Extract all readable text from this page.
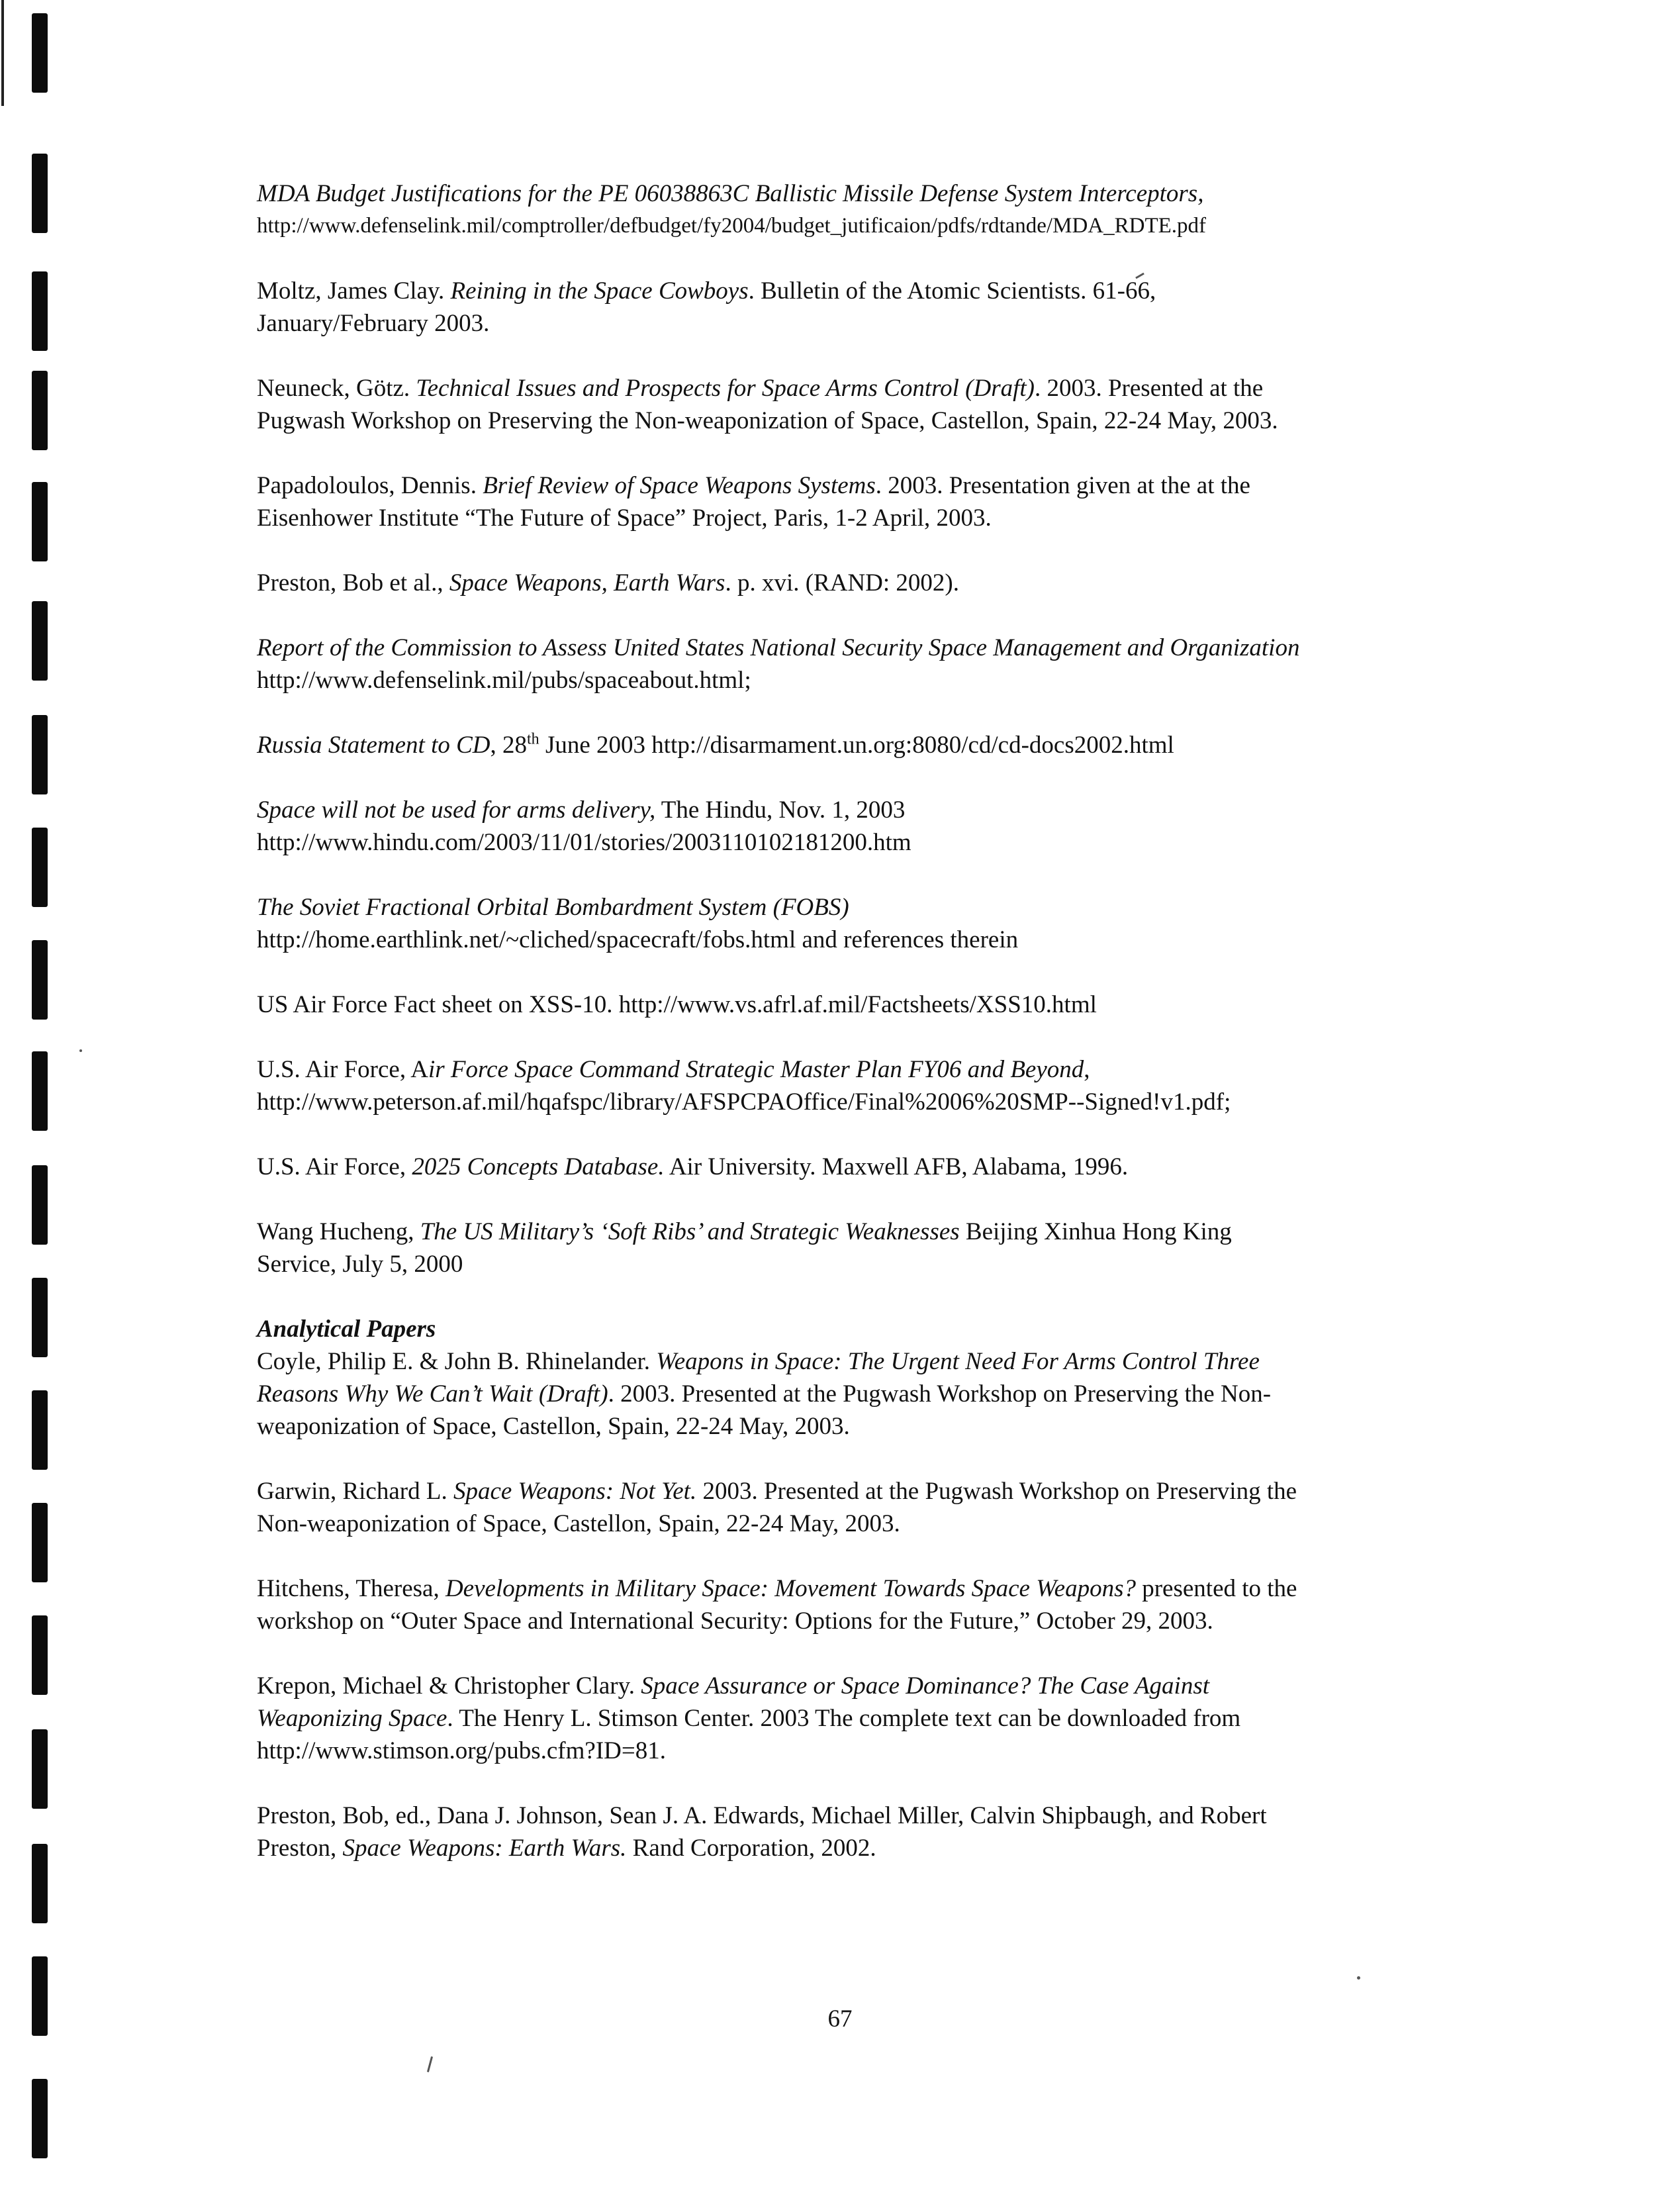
MDA Budget Justifications for the PE 06038863C Ballistic Missile Defense System Interceptors,

http://www.defenselink.mil/comptroller/defbudget/fy2004/budget_jutificaion/pdfs/rdtande/MDA_RDTE.pdf

Moltz, James Clay. Reining in the Space Cowboys. Bulletin of the Atomic Scientists. 61-66,

January/February 2003.

Neuneck, Götz. Technical Issues and Prospects for Space Arms Control (Draft). 2003. Presented at the

Pugwash Workshop on Preserving the Non-weaponization of Space, Castellon, Spain, 22-24 May, 2003.

Papadoloulos, Dennis. Brief Review of Space Weapons Systems. 2003. Presentation given at the at the

Eisenhower Institute “The Future of Space” Project, Paris, 1-2 April, 2003.

Preston, Bob et al., Space Weapons, Earth Wars. p. xvi. (RAND: 2002).

Report of the Commission to Assess United States National Security Space Management and Organization

http://www.defenselink.mil/pubs/spaceabout.html;

Russia Statement to CD, 28th June 2003 http://disarmament.un.org:8080/cd/cd-docs2002.html

Space will not be used for arms delivery, The Hindu, Nov. 1, 2003

http://www.hindu.com/2003/11/01/stories/2003110102181200.htm

The Soviet Fractional Orbital Bombardment System (FOBS)

http://home.earthlink.net/~cliched/spacecraft/fobs.html and references therein

US Air Force Fact sheet on XSS-10. http://www.vs.afrl.af.mil/Factsheets/XSS10.html

U.S. Air Force, Air Force Space Command Strategic Master Plan FY06 and Beyond,

http://www.peterson.af.mil/hqafspc/library/AFSPCPAOffice/Final%2006%20SMP--Signed!v1.pdf;

U.S. Air Force, 2025 Concepts Database. Air University. Maxwell AFB, Alabama, 1996.

Wang Hucheng, The US Military’s ‘Soft Ribs’ and Strategic Weaknesses Beijing Xinhua Hong King

Service, July 5, 2000

Analytical Papers

Coyle, Philip E. & John B. Rhinelander. Weapons in Space: The Urgent Need For Arms Control Three

Reasons Why We Can’t Wait (Draft). 2003. Presented at the Pugwash Workshop on Preserving the Non-

weaponization of Space, Castellon, Spain, 22-24 May, 2003.

Garwin, Richard L. Space Weapons: Not Yet. 2003. Presented at the Pugwash Workshop on Preserving the

Non-weaponization of Space, Castellon, Spain, 22-24 May, 2003.

Hitchens, Theresa, Developments in Military Space: Movement Towards Space Weapons? presented to the

workshop on “Outer Space and International Security: Options for the Future,” October 29, 2003.

Krepon, Michael & Christopher Clary. Space Assurance or Space Dominance? The Case Against

Weaponizing Space. The Henry L. Stimson Center. 2003 The complete text can be downloaded from

http://www.stimson.org/pubs.cfm?ID=81.

Preston, Bob, ed., Dana J. Johnson, Sean J. A. Edwards, Michael Miller, Calvin Shipbaugh, and Robert

Preston, Space Weapons: Earth Wars. Rand Corporation, 2002.

67
